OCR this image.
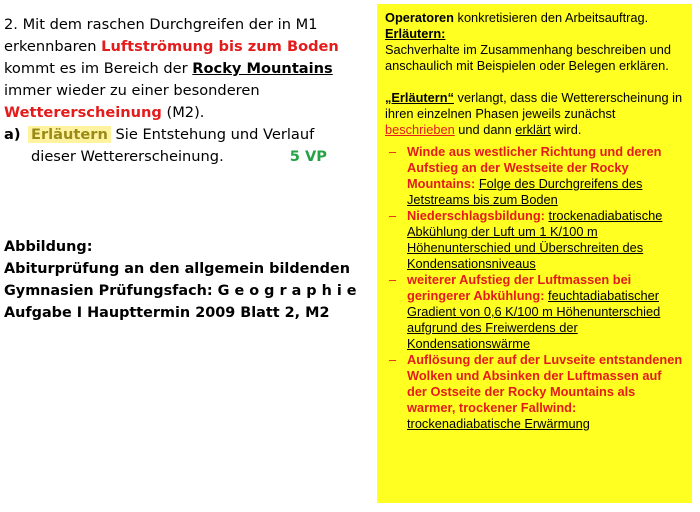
2. Mit dem raschen Durchgreifen der in M1
erkennbaren Luftströmung bis zum Boden
kommt es im Bereich der Rocky Mountains
immer wieder zu einer besonderen
Wettererscheinung (M2).
a) Erläutern Sie Entstehung und Verlauf
dieser Wettererscheinung.	5 VP
Abbildung:
Abiturprüfung an den allgemein bildenden
Gymnasien Prüfungsfach: G e o g r a p h i e
Aufgabe I Haupttermin 2009 Blatt 2, M2

Operatoren konkretisieren den Arbeitsauftrag.

Erläutern:

Sachverhalte im Zusammenhang beschreiben und anschaulich mit Beispielen oder Belegen erklären.

„Erläutern“ verlangt, dass die Wettererscheinung in ihren einzelnen Phasen jeweils zunächst beschrieben und dann erklärt wird.

– Winde aus westlicher Richtung und deren Aufstieg an der Westseite der Rocky Mountains: Folge des Durchgreifens des Jetstreams bis zum Boden
– Niederschlagsbildung: trockenadiabatische Abkühlung der Luft um 1 K/100 m Höhenunterschied und Überschreiten des Kondensationsniveaus
– weiterer Aufstieg der Luftmassen bei geringerer Abkühlung: feuchtadiabatischer Gradient von 0,6 K/100 m Höhenunterschied aufgrund des Freiwerdens der Kondensationswärme
– Auflösung der auf der Luvseite entstandenen Wolken und Absinken der Luftmassen auf der Ostseite der Rocky Mountains als warmer, trockener Fallwind: trockenadiabatische Erwärmung
